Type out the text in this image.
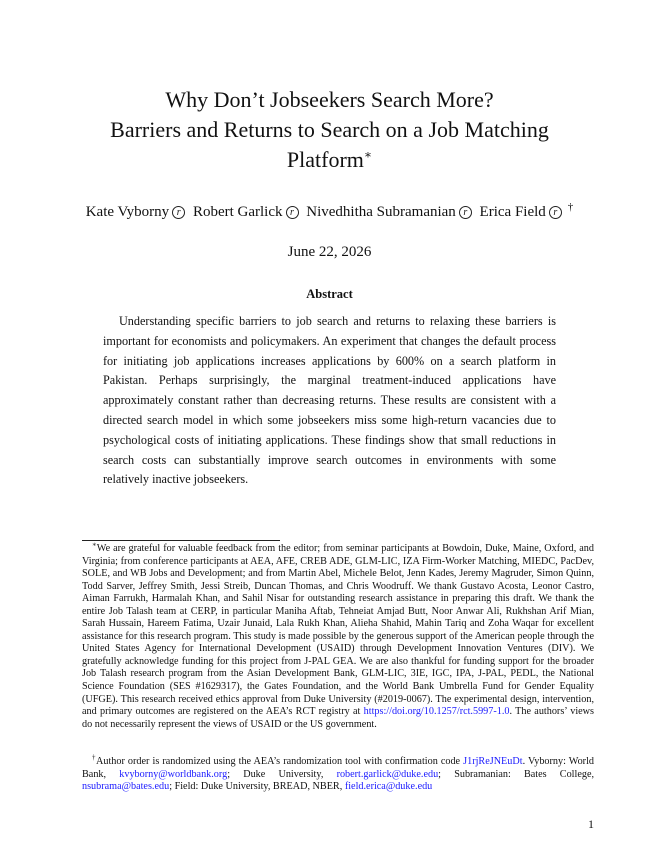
Why Don’t Jobseekers Search More?
Barriers and Returns to Search on a Job Matching
Platform∗
Kate Vyborny r Robert Garlick r Nivedhitha Subramanian r Erica Field r †
June 22, 2026
Abstract

Understanding specific barriers to job search and returns to relaxing these barriers is important for economists and policymakers. An experiment that changes the default process for initiating job applications increases applications by 600% on a search platform in Pakistan. Perhaps surprisingly, the marginal treatment-induced applications have approximately constant rather than decreasing returns. These results are consistent with a directed search model in which some jobseekers miss some high-return vacancies due to psychological costs of initiating applications. These findings show that small reductions in search costs can substantially improve search outcomes in environments with some relatively inactive jobseekers.

∗We are grateful for valuable feedback from the editor; from seminar participants at Bowdoin, Duke, Maine, Oxford, and Virginia; from conference participants at AEA, AFE, CREB ADE, GLM-LIC, IZA Firm-Worker Matching, MIEDC, PacDev, SOLE, and WB Jobs and Development; and from Martin Abel, Michele Belot, Jenn Kades, Jeremy Magruder, Simon Quinn, Todd Sarver, Jeffrey Smith, Jessi Streib, Duncan Thomas, and Chris Woodruff. We thank Gustavo Acosta, Leonor Castro, Aiman Farrukh, Harmalah Khan, and Sahil Nisar for outstanding research assistance in preparing this draft. We thank the entire Job Talash team at CERP, in particular Maniha Aftab, Tehneiat Amjad Butt, Noor Anwar Ali, Rukhshan Arif Mian, Sarah Hussain, Hareem Fatima, Uzair Junaid, Lala Rukh Khan, Alieha Shahid, Mahin Tariq and Zoha Waqar for excellent assistance for this research program. This study is made possible by the generous support of the American people through the United States Agency for International Development (USAID) through Development Innovation Ventures (DIV). We gratefully acknowledge funding for this project from J-PAL GEA. We are also thankful for funding support for the broader Job Talash research program from the Asian Development Bank, GLM-LIC, 3IE, IGC, IPA, J-PAL, PEDL, the National Science Foundation (SES #1629317), the Gates Foundation, and the World Bank Umbrella Fund for Gender Equality (UFGE). This research received ethics approval from Duke University (#2019-0067). The experimental design, intervention, and primary outcomes are registered on the AEA’s RCT registry at https://doi.org/10.1257/rct.5997-1.0. The authors’ views do not necessarily represent the views of USAID or the US government.

†Author order is randomized using the AEA’s randomization tool with confirmation code J1rjReJNEuDt. Vyborny: World Bank, kvyborny@worldbank.org; Duke University, robert.garlick@duke.edu; Subramanian: Bates College, nsubrama@bates.edu; Field: Duke University, BREAD, NBER, field.erica@duke.edu

1
